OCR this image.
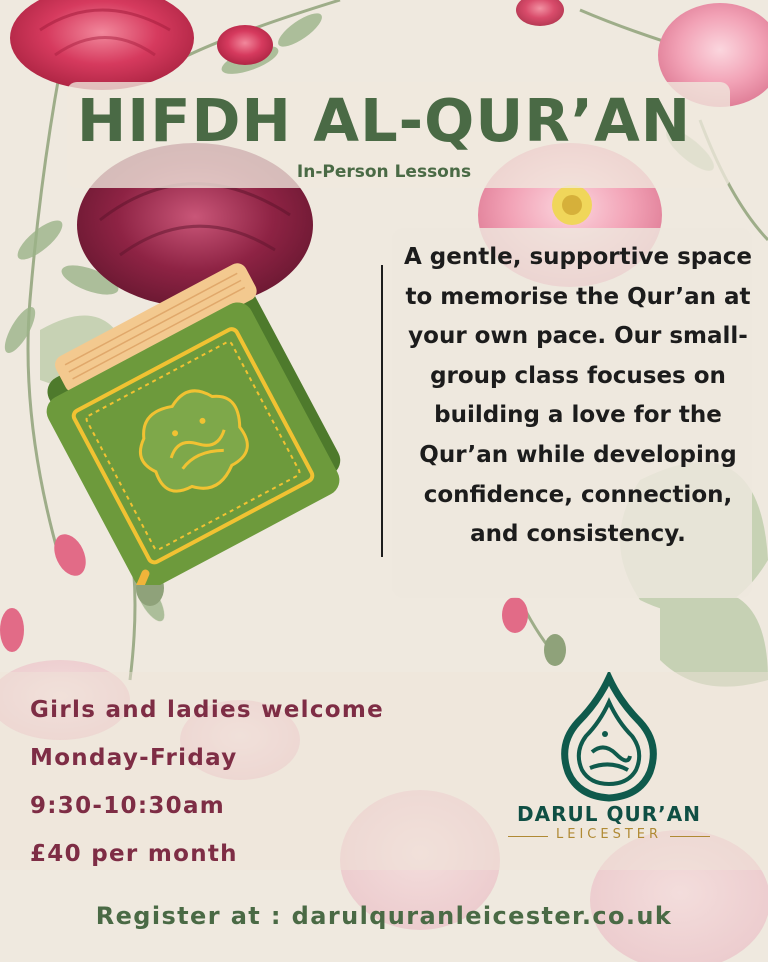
HIFDH AL-QUR’AN
In-Person Lessons

A gentle, supportive space to memorise the Qur’an at your own pace. Our small-group class focuses on building a love for the Qur’an while developing confidence, connection, and consistency.

Girls and ladies welcome
Monday-Friday
9:30-10:30am
£40 per month
DARUL QUR’AN
LEICESTER
Register at : darulquranleicester.co.uk
